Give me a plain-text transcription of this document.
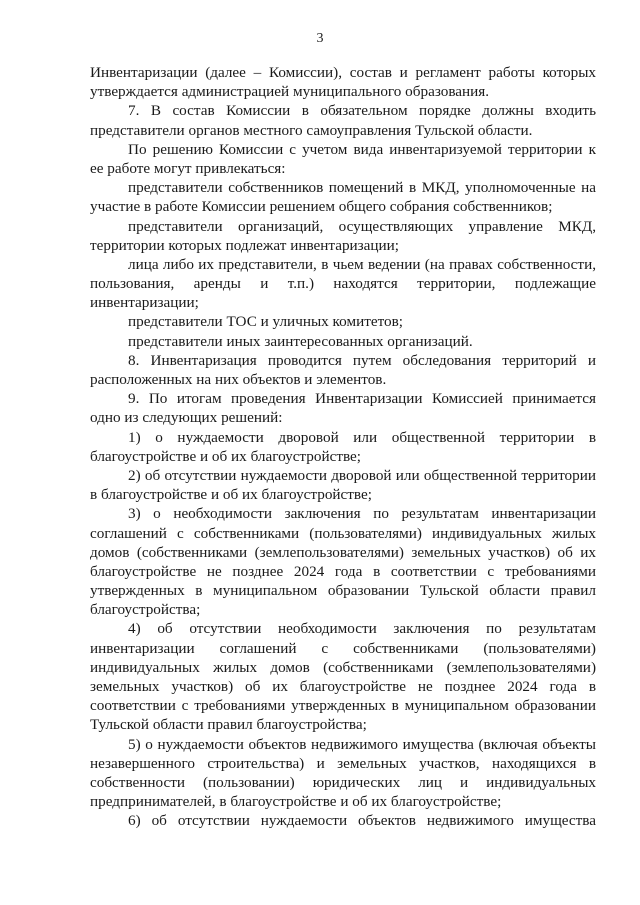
3
Инвентаризации (далее – Комиссии), состав и регламент работы которых
утверждается администрацией муниципального образования.
7. В состав Комиссии в обязательном порядке должны входить
представители органов местного самоуправления Тульской области.
По решению Комиссии с учетом вида инвентаризуемой территории к
ее работе могут привлекаться:
представители собственников помещений в МКД, уполномоченные на
участие в работе Комиссии решением общего собрания собственников;
представители организаций, осуществляющих управление МКД,
территории которых подлежат инвентаризации;
лица либо их представители, в чьем ведении (на правах собственности,
пользования, аренды и т.п.) находятся территории, подлежащие
инвентаризации;
представители ТОС и уличных комитетов;
представители иных заинтересованных организаций.
8. Инвентаризация проводится путем обследования территорий и
расположенных на них объектов и элементов.
9. По итогам проведения Инвентаризации Комиссией принимается
одно из следующих решений:
1) о нуждаемости дворовой или общественной территории в
благоустройстве и об их благоустройстве;
2) об отсутствии нуждаемости дворовой или общественной территории
в благоустройстве и об их благоустройстве;
3) о необходимости заключения по результатам инвентаризации
соглашений с собственниками (пользователями) индивидуальных жилых
домов (собственниками (землепользователями) земельных участков) об их
благоустройстве не позднее 2024 года в соответствии с требованиями
утвержденных в муниципальном образовании Тульской области правил
благоустройства;
4) об отсутствии необходимости заключения по результатам
инвентаризации соглашений с собственниками (пользователями)
индивидуальных жилых домов (собственниками (землепользователями)
земельных участков) об их благоустройстве не позднее 2024 года в
соответствии с требованиями утвержденных в муниципальном образовании
Тульской области правил благоустройства;
5) о нуждаемости объектов недвижимого имущества (включая объекты
незавершенного строительства) и земельных участков, находящихся в
собственности (пользовании) юридических лиц и индивидуальных
предпринимателей, в благоустройстве и об их благоустройстве;
6) об отсутствии нуждаемости объектов недвижимого имущества
